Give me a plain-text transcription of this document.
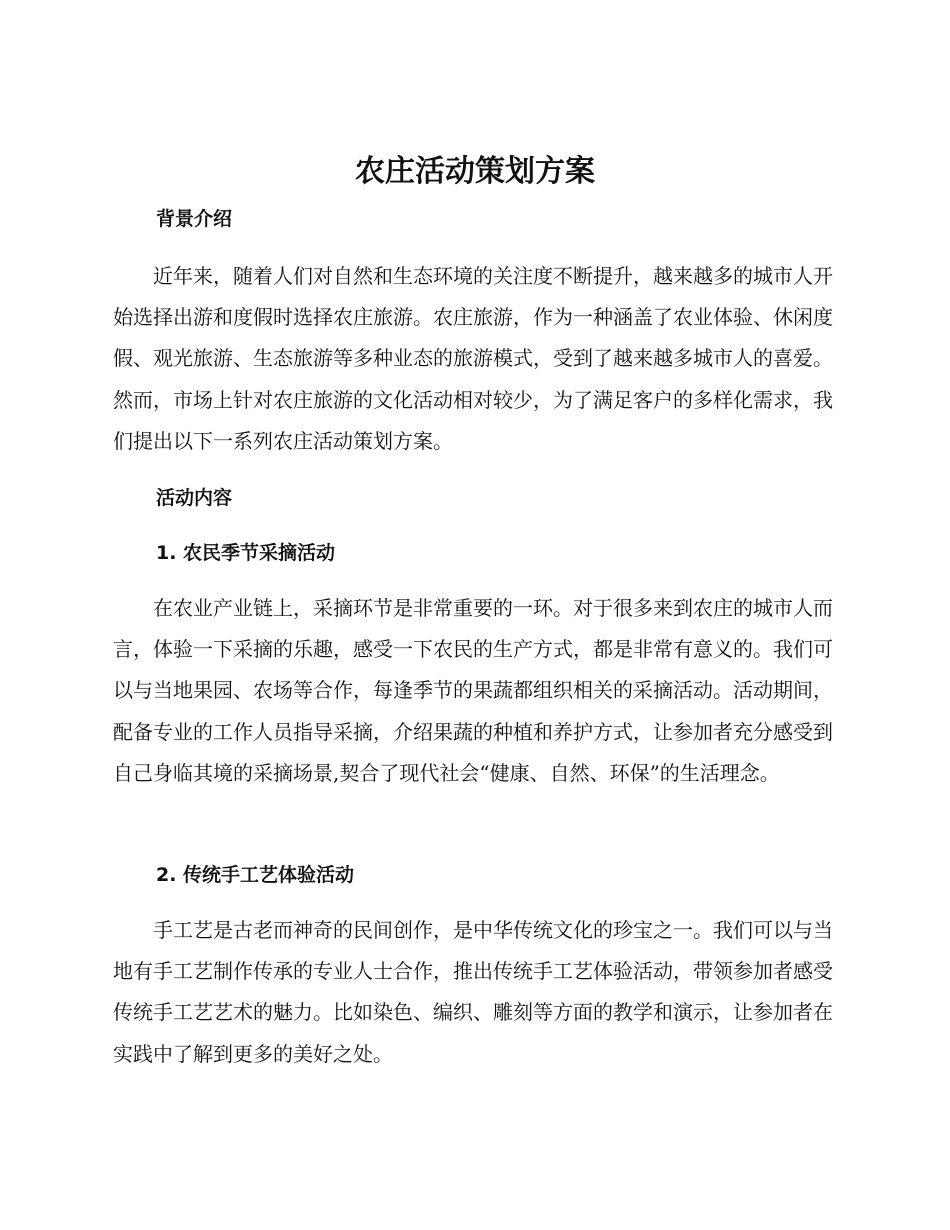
农庄活动策划方案
背景介绍

近年来，随着人们对自然和生态环境的关注度不断提升，越来越多的城市人开始选择出游和度假时选择农庄旅游。农庄旅游，作为一种涵盖了农业体验、休闲度假、观光旅游、生态旅游等多种业态的旅游模式，受到了越来越多城市人的喜爱。然而，市场上针对农庄旅游的文化活动相对较少，为了满足客户的多样化需求，我们提出以下一系列农庄活动策划方案。

活动内容
1. 农民季节采摘活动

在农业产业链上，采摘环节是非常重要的一环。对于很多来到农庄的城市人而言，体验一下采摘的乐趣，感受一下农民的生产方式，都是非常有意义的。我们可以与当地果园、农场等合作，每逢季节的果蔬都组织相关的采摘活动。活动期间，配备专业的工作人员指导采摘，介绍果蔬的种植和养护方式，让参加者充分感受到自己身临其境的采摘场景,契合了现代社会“健康、自然、环保”的生活理念。

2. 传统手工艺体验活动

手工艺是古老而神奇的民间创作，是中华传统文化的珍宝之一。我们可以与当地有手工艺制作传承的专业人士合作，推出传统手工艺体验活动，带领参加者感受传统手工艺艺术的魅力。比如染色、编织、雕刻等方面的教学和演示，让参加者在实践中了解到更多的美好之处。
